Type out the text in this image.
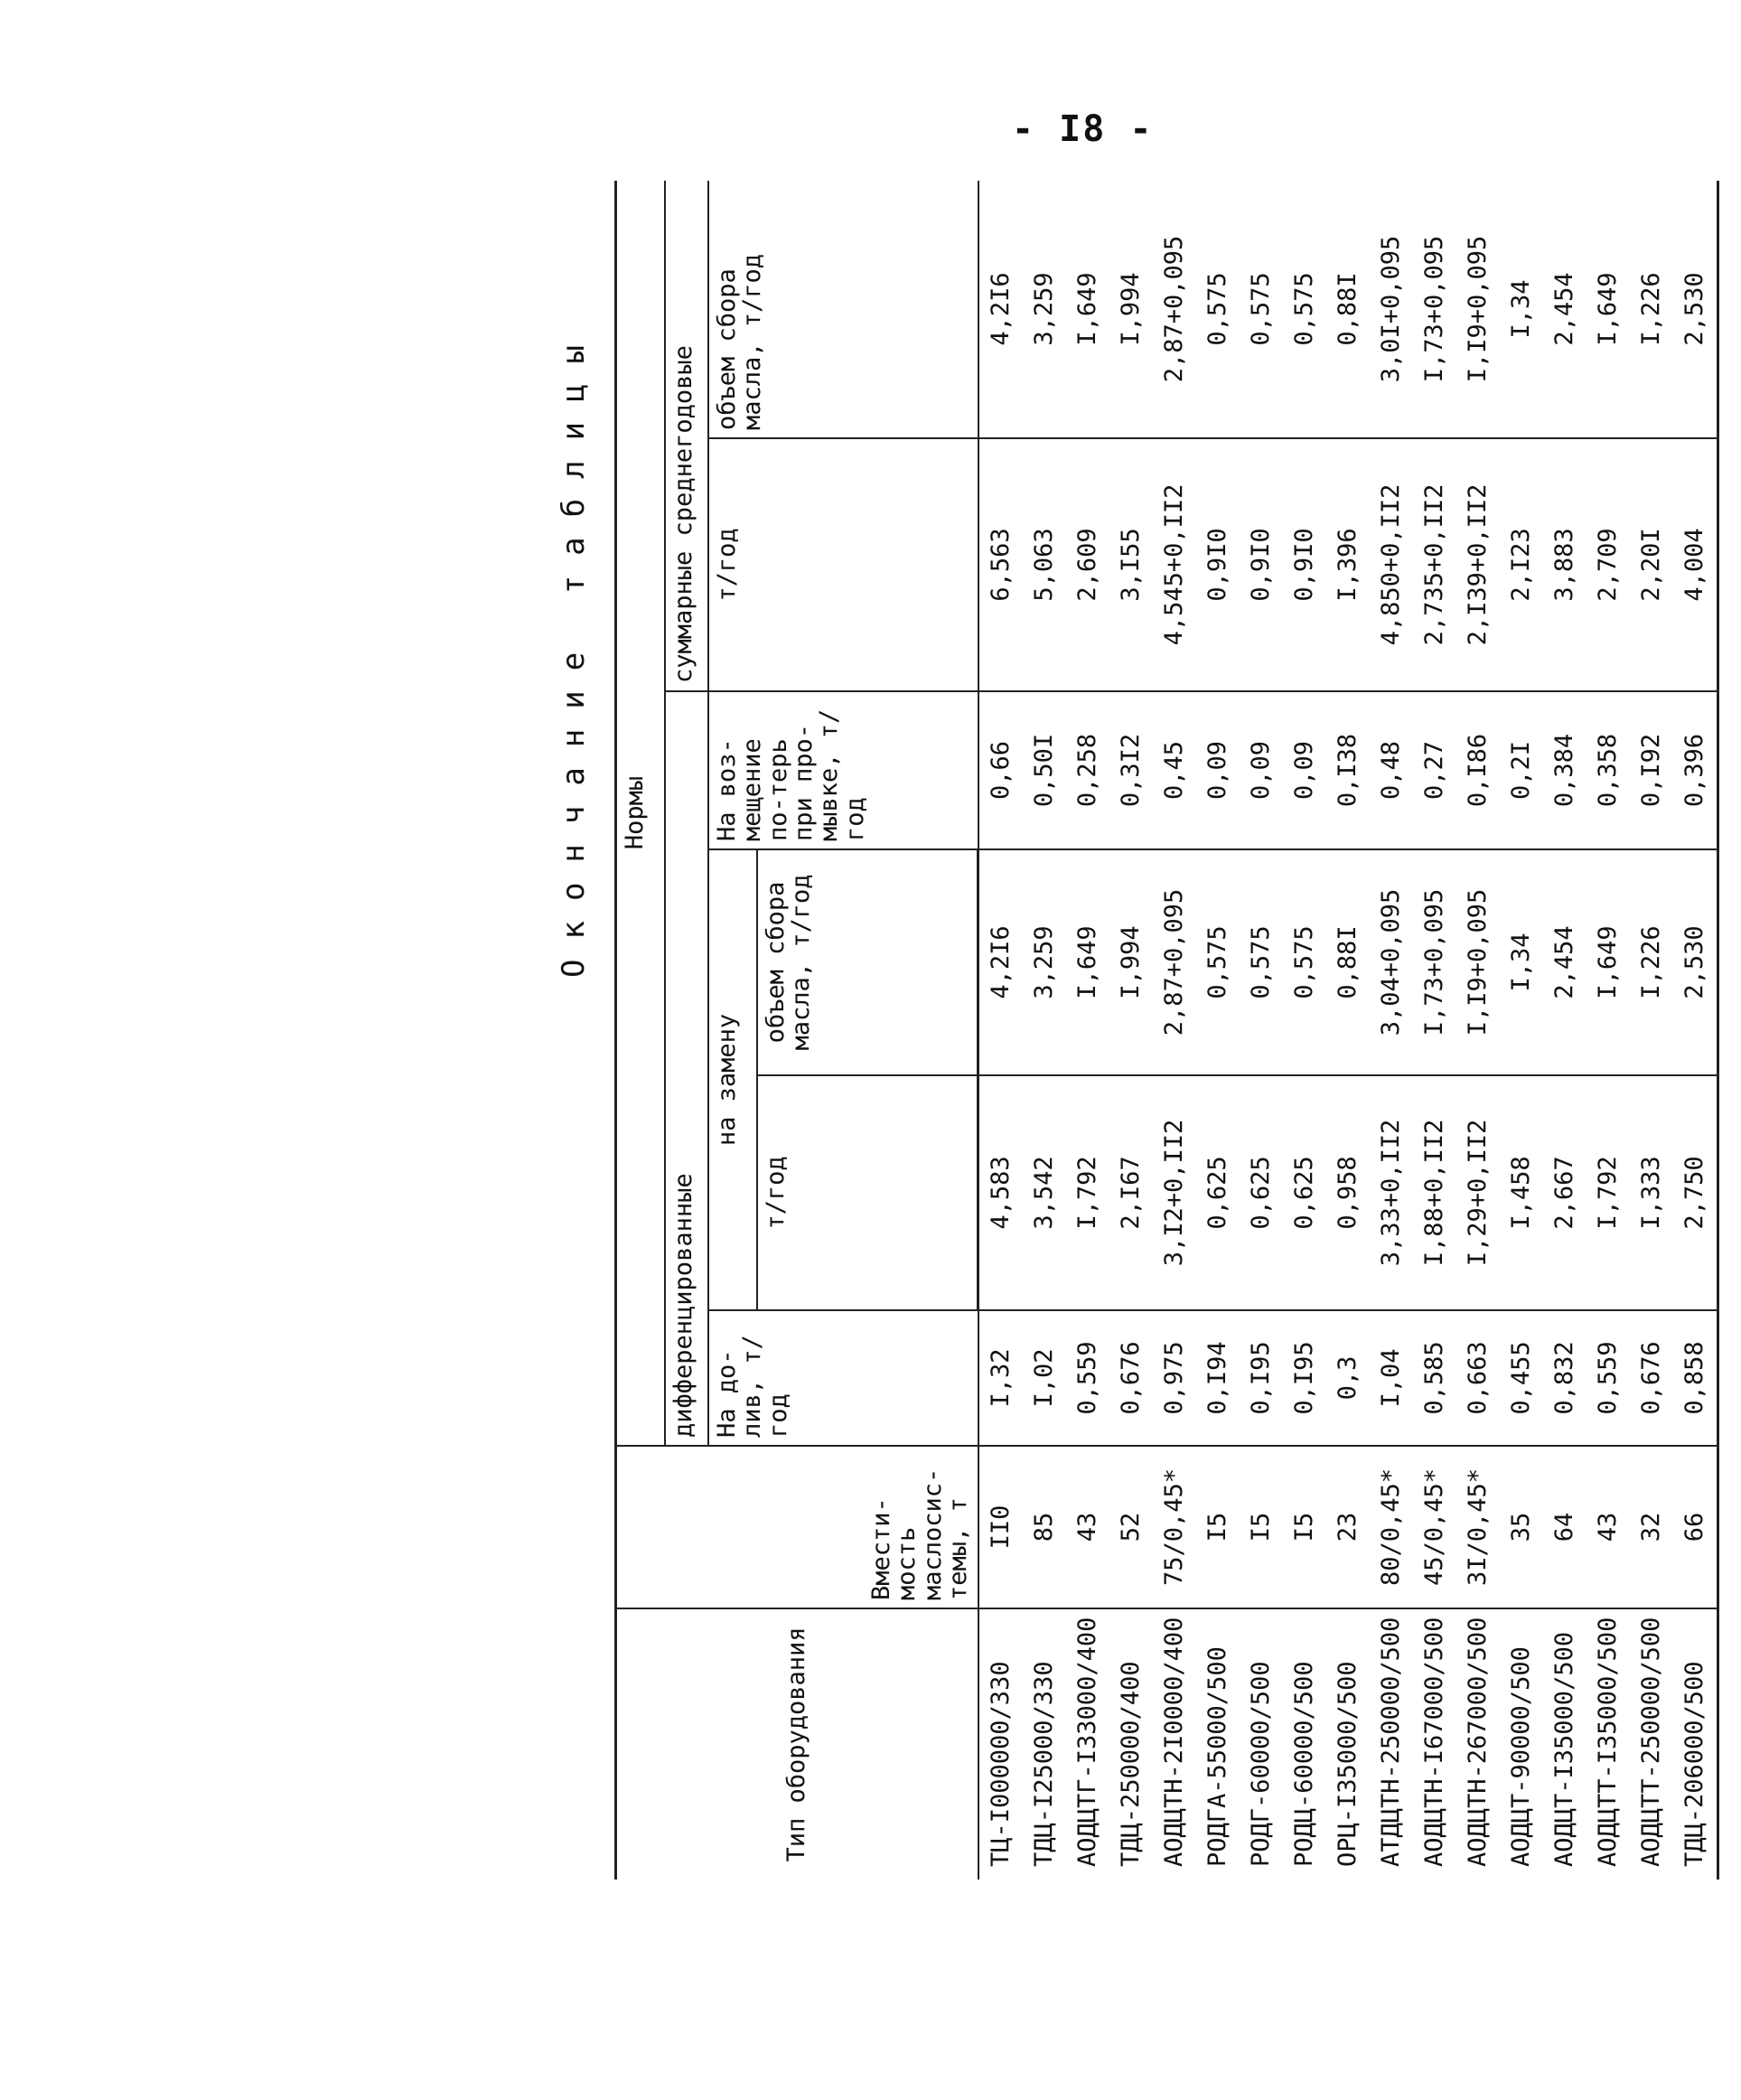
- I8 -
Окончание таблицы
Тип оборудования	Вмести-мость маслосис-темы, т	Нормы					
		дифференцированные				суммарные среднегодовые	
		На до-лив, т/год	на замену		На воз-мещение по-терь при про-мывке, т/год	т/год	объем сбора масла, т/год
			т/год	объем сбора масла, т/год			
ТЦ-I000000/330	II0	I,32	4,583	4,2I6	0,66	6,563	4,2I6
ТДЦ-I25000/330	85	I,02	3,542	3,259	0,50I	5,063	3,259
АОДЦТГ-I33000/400	43	0,559	I,792	I,649	0,258	2,609	I,649
ТДЦ-250000/400	52	0,676	2,I67	I,994	0,3I2	3,I55	I,994
АОДЦТН-2I0000/400	75/0,45*	0,975	3,I2+0,II2	2,87+0,095	0,45	4,545+0,II2	2,87+0,095
РОДГА-55000/500	I5	0,I94	0,625	0,575	0,09	0,9I0	0,575
РОДГ-60000/500	I5	0,I95	0,625	0,575	0,09	0,9I0	0,575
РОДЦ-60000/500	I5	0,I95	0,625	0,575	0,09	0,9I0	0,575
ОРЦ-I35000/500	23	0,3	0,958	0,88I	0,I38	I,396	0,88I
АТДЦТН-250000/500	80/0,45*	I,04	3,33+0,II2	3,04+0,095	0,48	4,850+0,II2	3,0I+0,095
АОДЦТН-I67000/500	45/0,45*	0,585	I,88+0,II2	I,73+0,095	0,27	2,735+0,II2	I,73+0,095
АОДЦТН-267000/500	3I/0,45*	0,663	I,29+0,II2	I,I9+0,095	0,I86	2,I39+0,II2	I,I9+0,095
АОДЦТ-90000/500	35	0,455	I,458	I,34	0,2I	2,I23	I,34
АОДЦТ-I35000/500	64	0,832	2,667	2,454	0,384	3,883	2,454
АОДЦТТ-I35000/500	43	0,559	I,792	I,649	0,358	2,709	I,649
АОДЦТТ-250000/500	32	0,676	I,333	I,226	0,I92	2,20I	I,226
ТДЦ-206000/500	66	0,858	2,750	2,530	0,396	4,004	2,530
